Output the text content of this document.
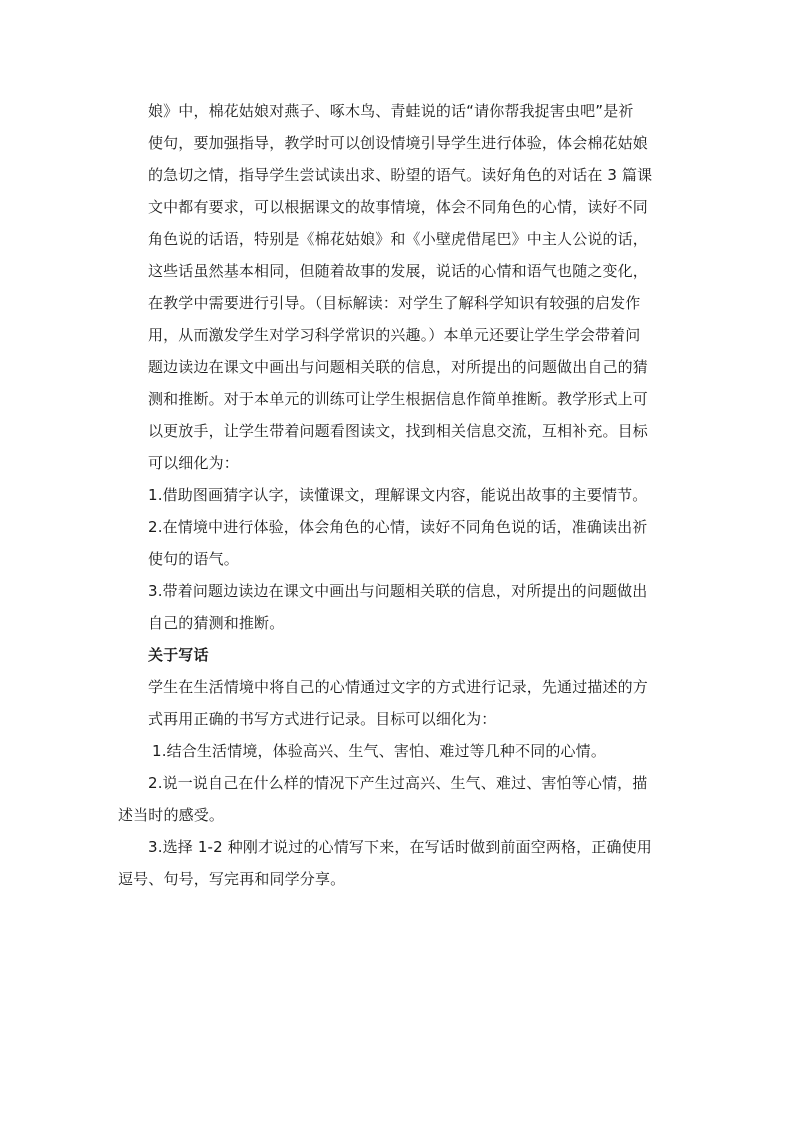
娘》中，棉花姑娘对燕子、啄木鸟、青蛙说的话“请你帮我捉害虫吧”是祈
使句，要加强指导，教学时可以创设情境引导学生进行体验，体会棉花姑娘
的急切之情，指导学生尝试读出求、盼望的语气。读好角色的对话在 3 篇课
文中都有要求，可以根据课文的故事情境，体会不同角色的心情，读好不同
角色说的话语，特别是《棉花姑娘》和《小壁虎借尾巴》中主人公说的话，
这些话虽然基本相同，但随着故事的发展，说话的心情和语气也随之变化，
在教学中需要进行引导。（目标解读：对学生了解科学知识有较强的启发作
用，从而激发学生对学习科学常识的兴趣。）本单元还要让学生学会带着问
题边读边在课文中画出与问题相关联的信息，对所提出的问题做出自己的猜
测和推断。对于本单元的训练可让学生根据信息作简单推断。教学形式上可
以更放手，让学生带着问题看图读文，找到相关信息交流，互相补充。目标
可以细化为：
1.借助图画猜字认字，读懂课文，理解课文内容，能说出故事的主要情节。
2.在情境中进行体验，体会角色的心情，读好不同角色说的话，准确读出祈
使句的语气。
3.带着问题边读边在课文中画出与问题相关联的信息，对所提出的问题做出
自己的猜测和推断。
关于写话
学生在生活情境中将自己的心情通过文字的方式进行记录，先通过描述的方
式再用正确的书写方式进行记录。目标可以细化为：
1.结合生活情境，体验高兴、生气、害怕、难过等几种不同的心情。
2.说一说自己在什么样的情况下产生过高兴、生气、难过、害怕等心情，描
述当时的感受。
3.选择 1-2 种刚才说过的心情写下来，在写话时做到前面空两格，正确使用
逗号、句号，写完再和同学分享。
